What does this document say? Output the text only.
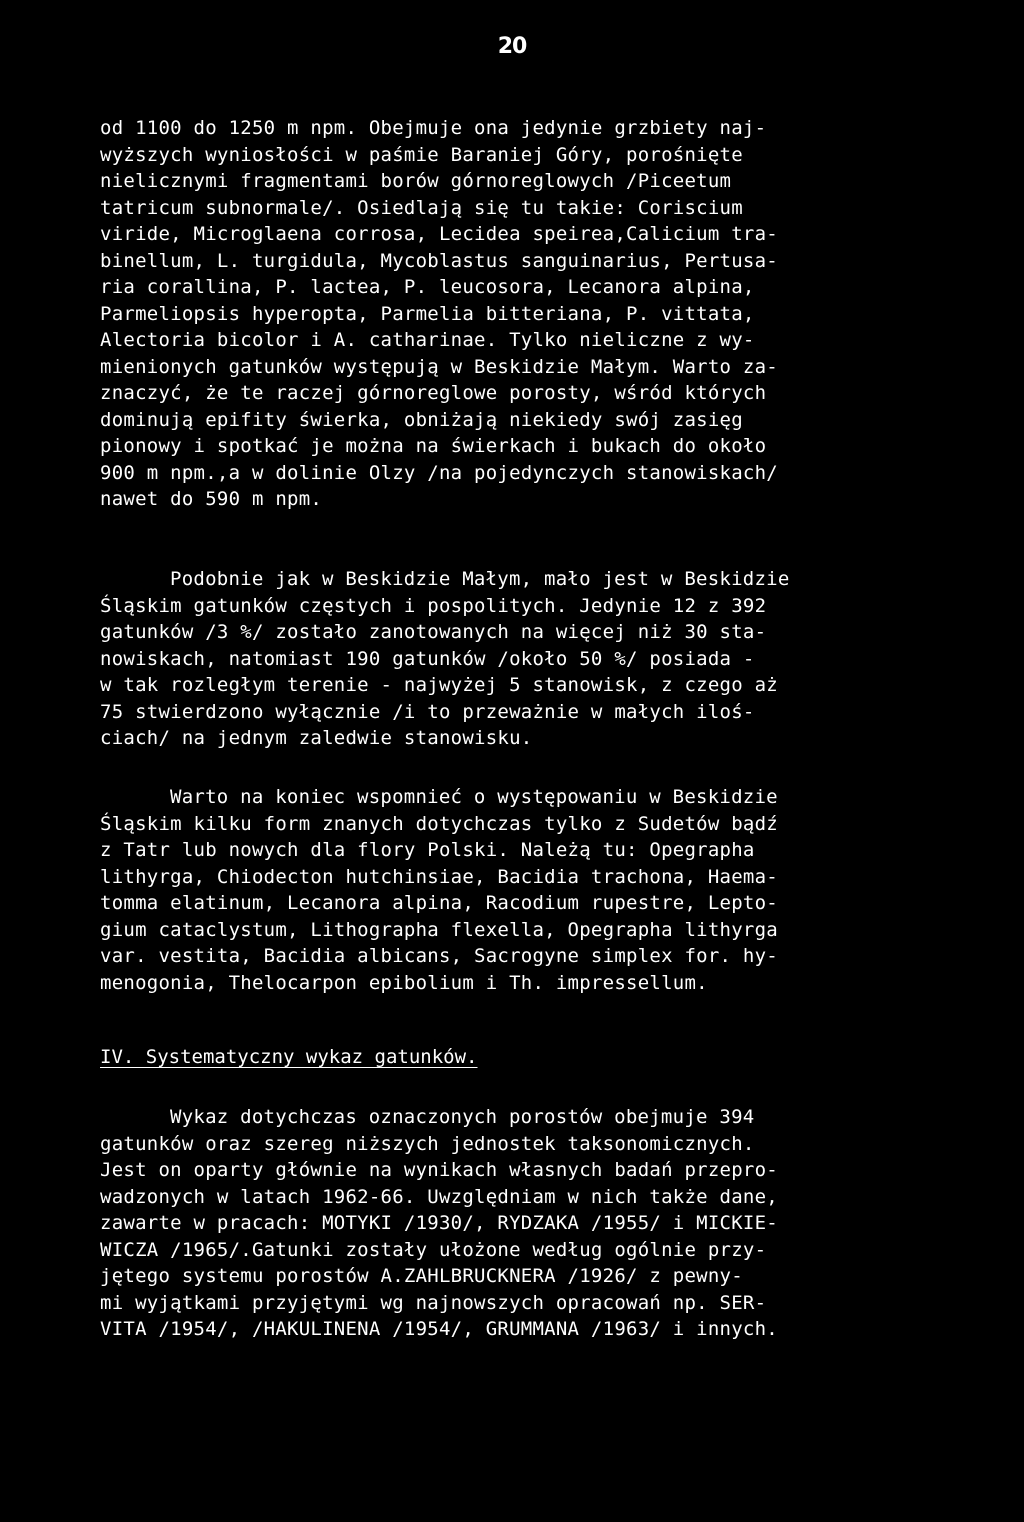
20
od 1100 do 1250 m npm. Obejmuje ona jedynie grzbiety naj-
wyższych wyniosłości w paśmie Baraniej Góry, porośnięte
nielicznymi fragmentami borów górnoreglowych /Piceetum
tatricum subnormale/. Osiedlają się tu takie: Coriscium
viride, Microglaena corrosa, Lecidea speirea,Calicium tra-
binellum, L. turgidula, Mycoblastus sanguinarius, Pertusa-
ria corallina, P. lactea, P. leucosora, Lecanora alpina,
Parmeliopsis hyperopta, Parmelia bitteriana, P. vittata,
Alectoria bicolor i A. catharinae. Tylko nieliczne z wy-
mienionych gatunków występują w Beskidzie Małym. Warto za-
znaczyć, że te raczej górnoreglowe porosty, wśród których
dominują epifity świerka, obniżają niekiedy swój zasięg
pionowy i spotkać je można na świerkach i bukach do około
900 m npm.,a w dolinie Olzy /na pojedynczych stanowiskach/
nawet do 590 m npm.
Podobnie jak w Beskidzie Małym, mało jest w Beskidzie
Śląskim gatunków częstych i pospolitych. Jedynie 12 z 392
gatunków /3 %/ zostało zanotowanych na więcej niż 30 sta-
nowiskach, natomiast 190 gatunków /około 50 %/ posiada -
w tak rozległym terenie - najwyżej 5 stanowisk, z czego aż
75 stwierdzono wyłącznie /i to przeważnie w małych iloś-
ciach/ na jednym zaledwie stanowisku.
Warto na koniec wspomnieć o występowaniu w Beskidzie
Śląskim kilku form znanych dotychczas tylko z Sudetów bądź
z Tatr lub nowych dla flory Polski. Należą tu: Opegrapha
lithyrga, Chiodecton hutchinsiae, Bacidia trachona, Haema-
tomma elatinum, Lecanora alpina, Racodium rupestre, Lepto-
gium cataclystum, Lithographa flexella, Opegrapha lithyrga
var. vestita, Bacidia albicans, Sacrogyne simplex for. hy-
menogonia, Thelocarpon epibolium i Th. impressellum.
IV. Systematyczny wykaz gatunków.
Wykaz dotychczas oznaczonych porostów obejmuje 394
gatunków oraz szereg niższych jednostek taksonomicznych.
Jest on oparty głównie na wynikach własnych badań przepro-
wadzonych w latach 1962-66. Uwzględniam w nich także dane,
zawarte w pracach: MOTYKI /1930/, RYDZAKA /1955/ i MICKIE-
WICZA /1965/.Gatunki zostały ułożone według ogólnie przy-
jętego systemu porostów A.ZAHLBRUCKNERA /1926/ z pewny-
mi wyjątkami przyjętymi wg najnowszych opracowań np. SER-
VITA /1954/, /HAKULINENA /1954/, GRUMMANA /1963/ i innych.
